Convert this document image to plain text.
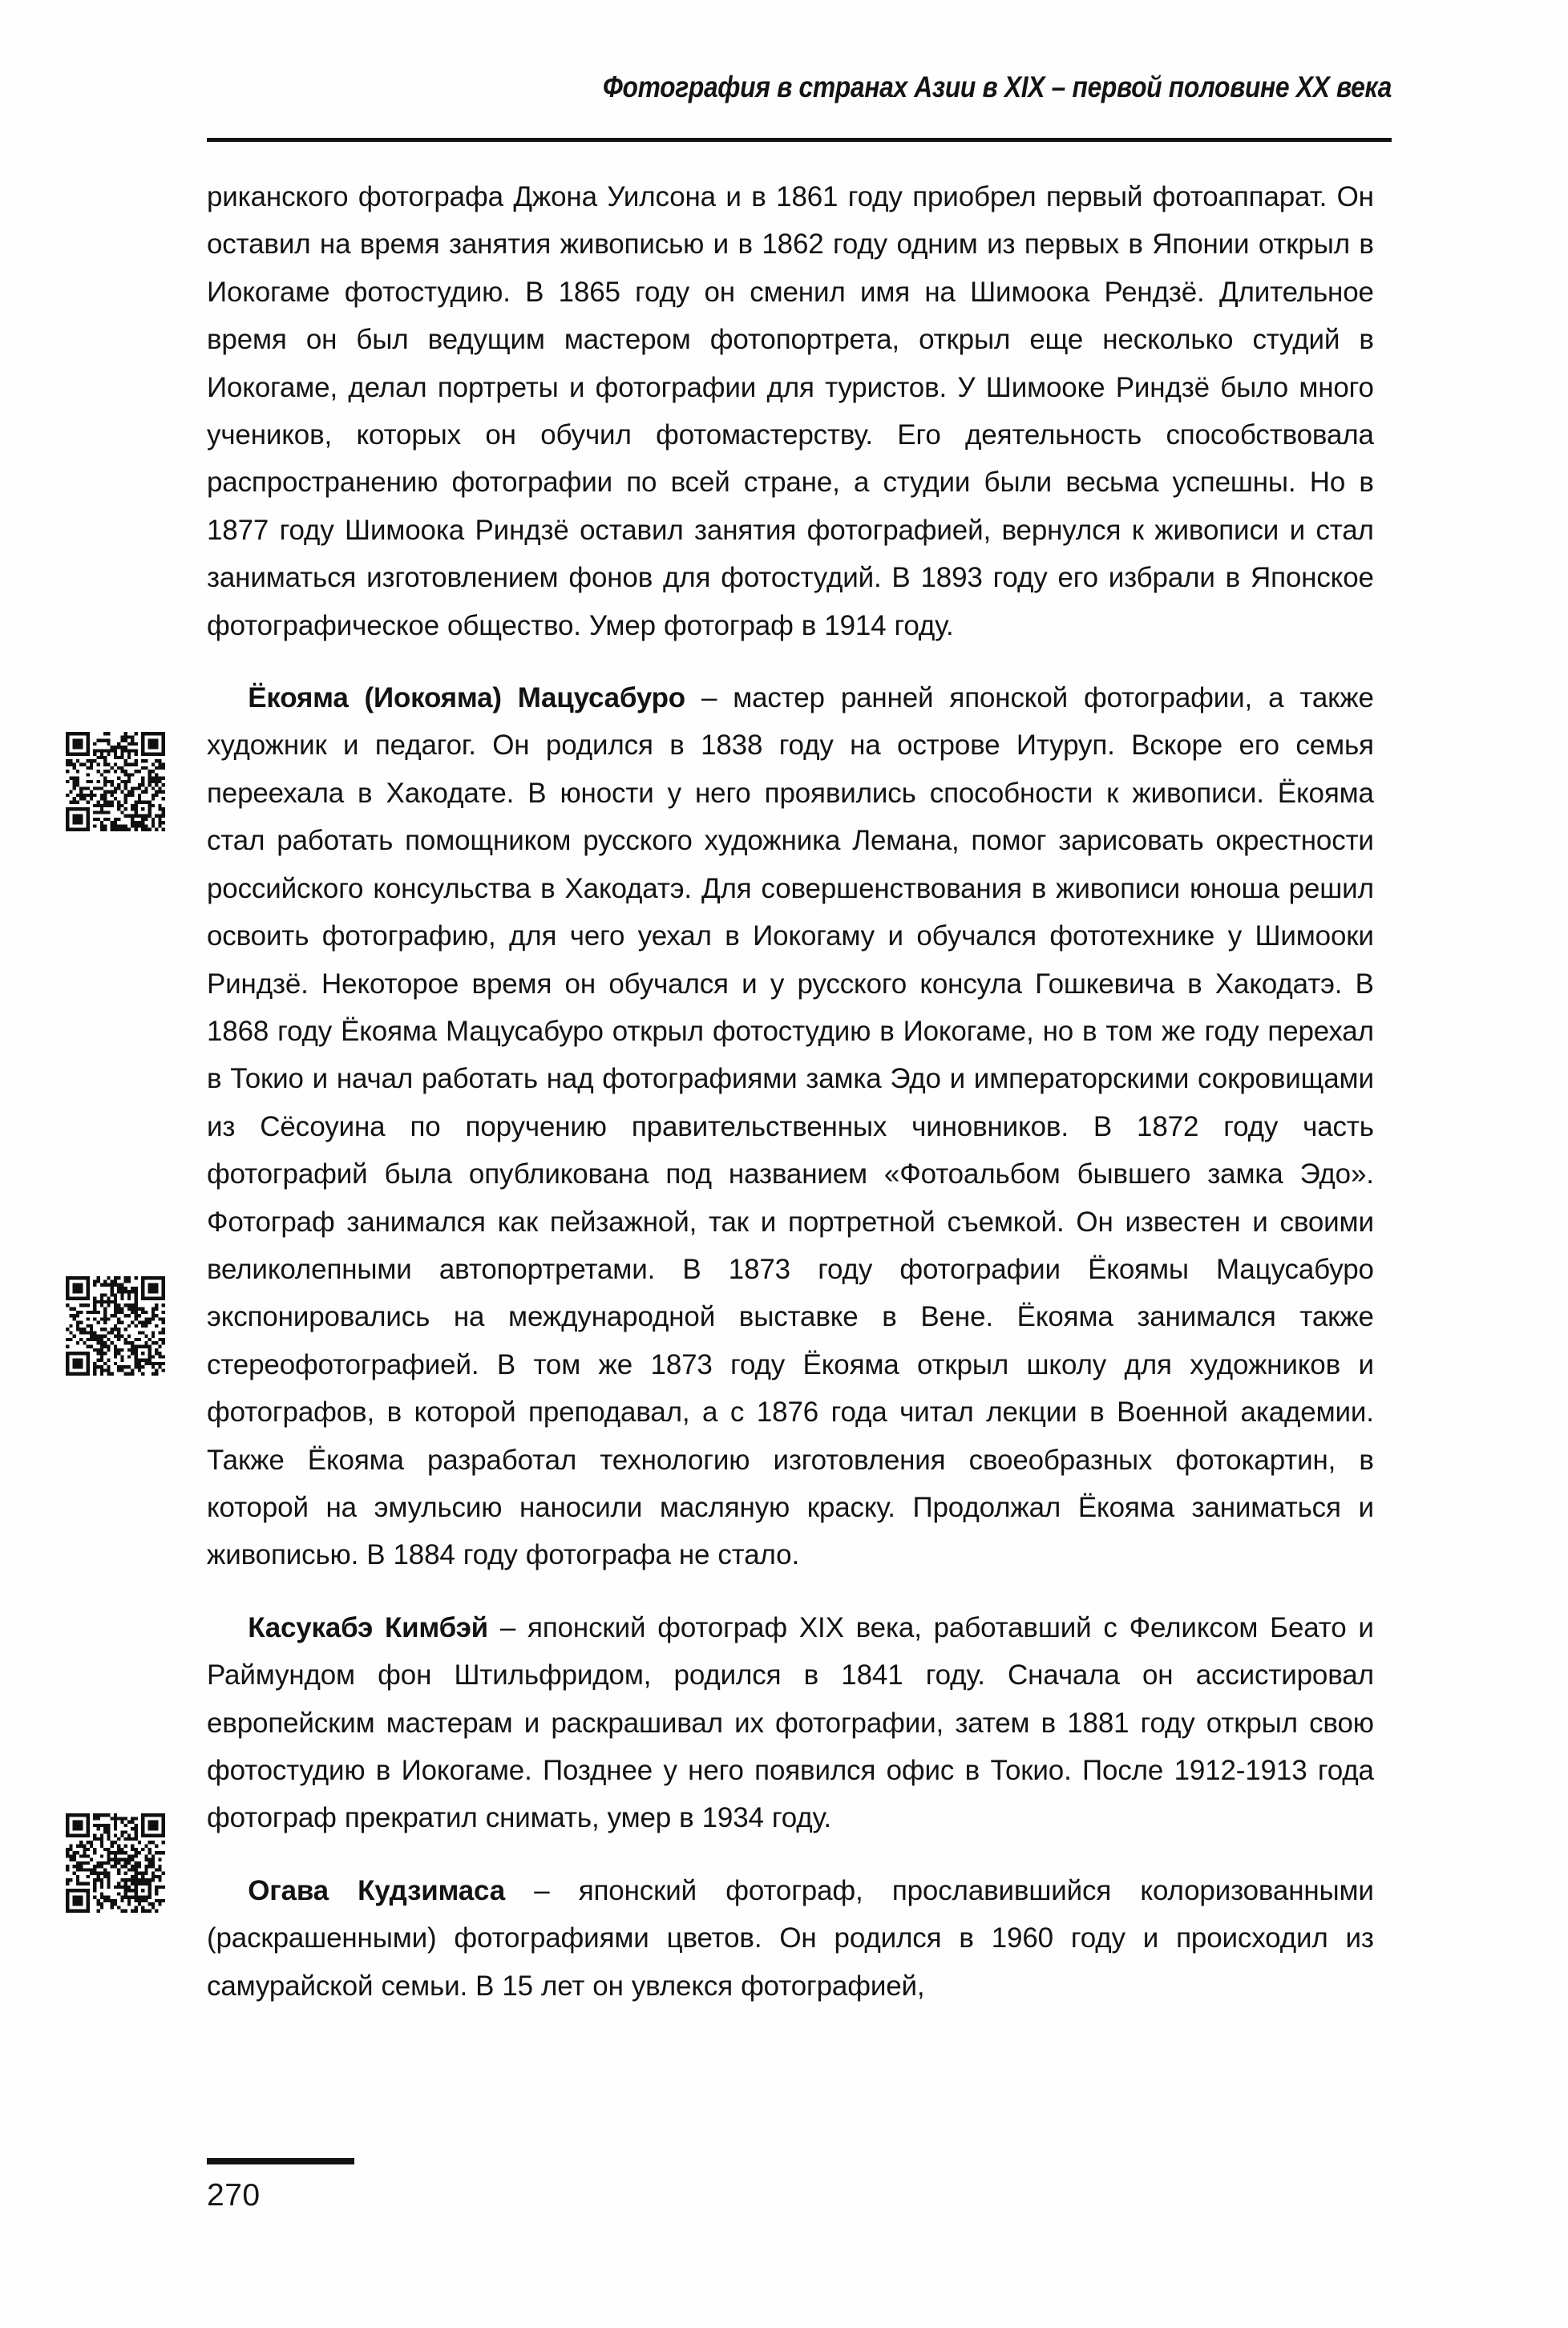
Фотография в странах Азии в XIX – первой половине XX века

риканского фотографа Джона Уилсона и в 1861 году приобрел первый фотоаппарат. Он оставил на время занятия живописью и в 1862 году одним из первых в Японии открыл в Иокогаме фотостудию. В 1865 году он сменил имя на Шимоока Рендзё. Длительное время он был ведущим мастером фотопортрета, открыл еще несколько студий в Иокогаме, делал портреты и фотографии для туристов. У Шимооке Риндзё было много учеников, которых он обучил фотомастерству. Его деятельность способствовала распространению фотографии по всей стране, а студии были весьма успешны. Но в 1877 году Шимоока Риндзё оставил занятия фотографией, вернулся к живописи и стал заниматься изготовлением фонов для фотостудий. В 1893 году его избрали в Японское фотографическое общество. Умер фотограф в 1914 году.

Ёкояма (Иокояма) Мацусабуро – мастер ранней японской фотографии, а также художник и педагог. Он родился в 1838 году на острове Итуруп. Вскоре его семья переехала в Хакодате. В юности у него проявились способности к живописи. Ёкояма стал работать помощником русского художника Лемана, помог зарисовать окрестности российского консульства в Хакодатэ. Для совершенствования в живописи юноша решил освоить фотографию, для чего уехал в Иокогаму и обучался фототехнике у Шимооки Риндзё. Некоторое время он обучался и у русского консула Гошкевича в Хакодатэ. В 1868 году Ёкояма Мацусабуро открыл фотостудию в Иокогаме, но в том же году перехал в Токио и начал работать над фотографиями замка Эдо и императорскими сокровищами из Сёсоуина по поручению правительственных чиновников. В 1872 году часть фотографий была опубликована под названием «Фотоальбом бывшего замка Эдо». Фотограф занимался как пейзажной, так и портретной съемкой. Он известен и своими великолепными автопортретами. В 1873 году фотографии Ёкоямы Мацусабуро экспонировались на международной выставке в Вене. Ёкояма занимался также стереофотографией. В том же 1873 году Ёкояма открыл школу для художников и фотографов, в которой преподавал, а с 1876 года читал лекции в Военной академии. Также Ёкояма разработал технологию изготовления своеобразных фотокартин, в которой на эмульсию наносили масляную краску. Продолжал Ёкояма заниматься и живописью. В 1884 году фотографа не стало.

Касукабэ Кимбэй – японский фотограф XIX века, работавший с Феликсом Беато и Раймундом фон Штильфридом, родился в 1841 году. Сначала он ассистировал европейским мастерам и раскрашивал их фотографии, затем в 1881 году открыл свою фотостудию в Иокогаме. Позднее у него появился офис в Токио. После 1912-1913 года фотограф прекратил снимать, умер в 1934 году.

Огава Кудзимаса – японский фотограф, прославившийся колоризованными (раскрашенными) фотографиями цветов. Он родился в 1960 году и происходил из самурайской семьи. В 15 лет он увлекся фотографией,

270
